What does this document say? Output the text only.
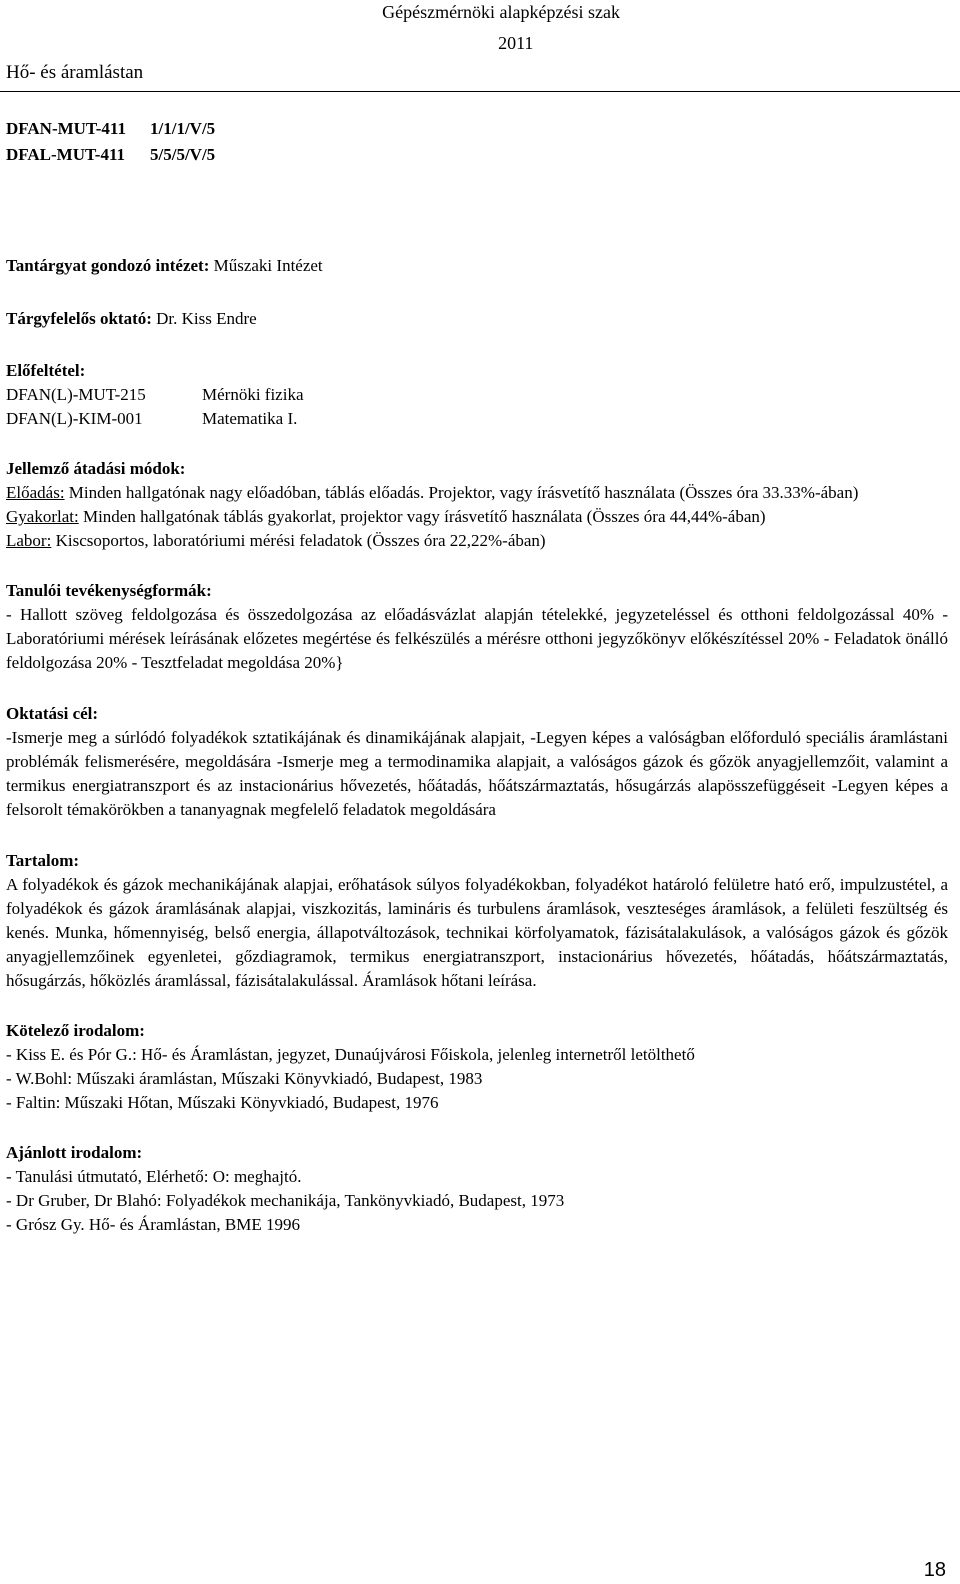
Gépészmérnöki alapképzési szak
2011
Hő- és áramlástan
DFAN-MUT-411 1/1/1/V/5
DFAL-MUT-411 5/5/5/V/5

Tantárgyat gondozó intézet: Műszaki Intézet

Tárgyfelelős oktató: Dr. Kiss Endre

Előfeltétel:
DFAN(L)-MUT-215	Mérnöki fizika
DFAN(L)-KIM-001	Matematika I.
Jellemző átadási módok:

Előadás: Minden hallgatónak nagy előadóban, táblás előadás. Projektor, vagy írásvetítő használata (Összes óra 33.33%-ában)

Gyakorlat: Minden hallgatónak táblás gyakorlat, projektor vagy írásvetítő használata (Összes óra 44,44%-ában)

Labor: Kiscsoportos, laboratóriumi mérési feladatok (Összes óra 22,22%-ában)

Tanulói tevékenységformák:

- Hallott szöveg feldolgozása és összedolgozása az előadásvázlat alapján tételekké, jegyzeteléssel és otthoni feldolgozással 40% - Laboratóriumi mérések leírásának előzetes megértése és felkészülés a mérésre otthoni jegyzőkönyv előkészítéssel 20% - Feladatok önálló feldolgozása 20% - Tesztfeladat megoldása 20%}

Oktatási cél:

-Ismerje meg a súrlódó folyadékok sztatikájának és dinamikájának alapjait, -Legyen képes a valóságban előforduló speciális áramlástani problémák felismerésére, megoldására -Ismerje meg a termodinamika alapjait, a valóságos gázok és gőzök anyagjellemzőit, valamint a termikus energiatranszport és az instacionárius hővezetés, hőátadás, hőátszármaztatás, hősugárzás alapösszefüggéseit -Legyen képes a felsorolt témakörökben a tananyagnak megfelelő feladatok megoldására

Tartalom:

A folyadékok és gázok mechanikájának alapjai, erőhatások súlyos folyadékokban, folyadékot határoló felületre ható erő, impulzustétel, a folyadékok és gázok áramlásának alapjai, viszkozitás, lamináris és turbulens áramlások, veszteséges áramlások, a felületi feszültség és kenés. Munka, hőmennyiség, belső energia, állapotváltozások, technikai körfolyamatok, fázisátalakulások, a valóságos gázok és gőzök anyagjellemzőinek egyenletei, gőzdiagramok, termikus energiatranszport, instacionárius hővezetés, hőátadás, hőátszármaztatás, hősugárzás, hőközlés áramlással, fázisátalakulással. Áramlások hőtani leírása.

Kötelező irodalom:
- Kiss E. és Pór G.: Hő- és Áramlástan, jegyzet, Dunaújvárosi Főiskola, jelenleg internetről letölthető
- W.Bohl: Műszaki áramlástan, Műszaki Könyvkiadó, Budapest, 1983
- Faltin: Műszaki Hőtan, Műszaki Könyvkiadó, Budapest, 1976
Ajánlott irodalom:
- Tanulási útmutató, Elérhető: O: meghajtó.
- Dr Gruber, Dr Blahó: Folyadékok mechanikája, Tankönyvkiadó, Budapest, 1973
- Grósz Gy. Hő- és Áramlástan, BME 1996
18
